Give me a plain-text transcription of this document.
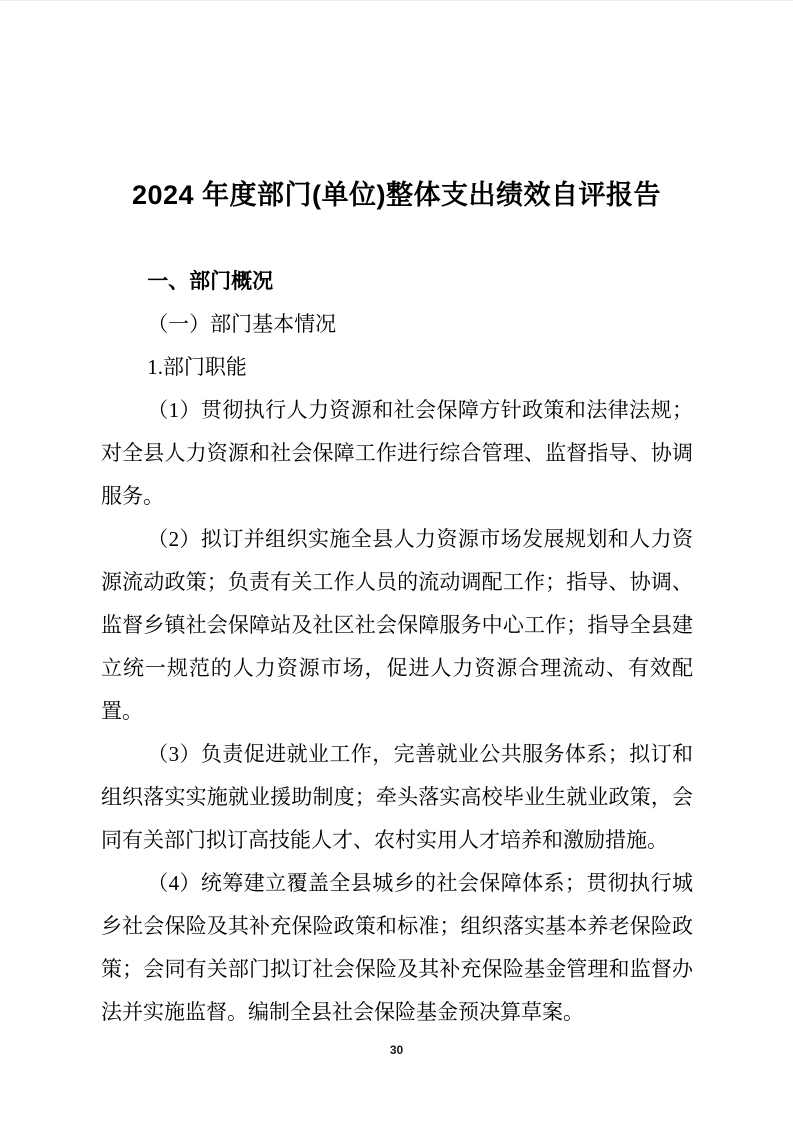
2024 年度部门(单位)整体支出绩效自评报告
一、部门概况
（一）部门基本情况
1.部门职能

（1）贯彻执行人力资源和社会保障方针政策和法律法规；对全县人力资源和社会保障工作进行综合管理、监督指导、协调服务。

（2）拟订并组织实施全县人力资源市场发展规划和人力资源流动政策；负责有关工作人员的流动调配工作；指导、协调、监督乡镇社会保障站及社区社会保障服务中心工作；指导全县建立统一规范的人力资源市场，促进人力资源合理流动、有效配置。

（3）负责促进就业工作，完善就业公共服务体系；拟订和组织落实实施就业援助制度；牵头落实高校毕业生就业政策，会同有关部门拟订高技能人才、农村实用人才培养和激励措施。

（4）统筹建立覆盖全县城乡的社会保障体系；贯彻执行城乡社会保险及其补充保险政策和标准；组织落实基本养老保险政策；会同有关部门拟订社会保险及其补充保险基金管理和监督办法并实施监督。编制全县社会保险基金预决算草案。

30
